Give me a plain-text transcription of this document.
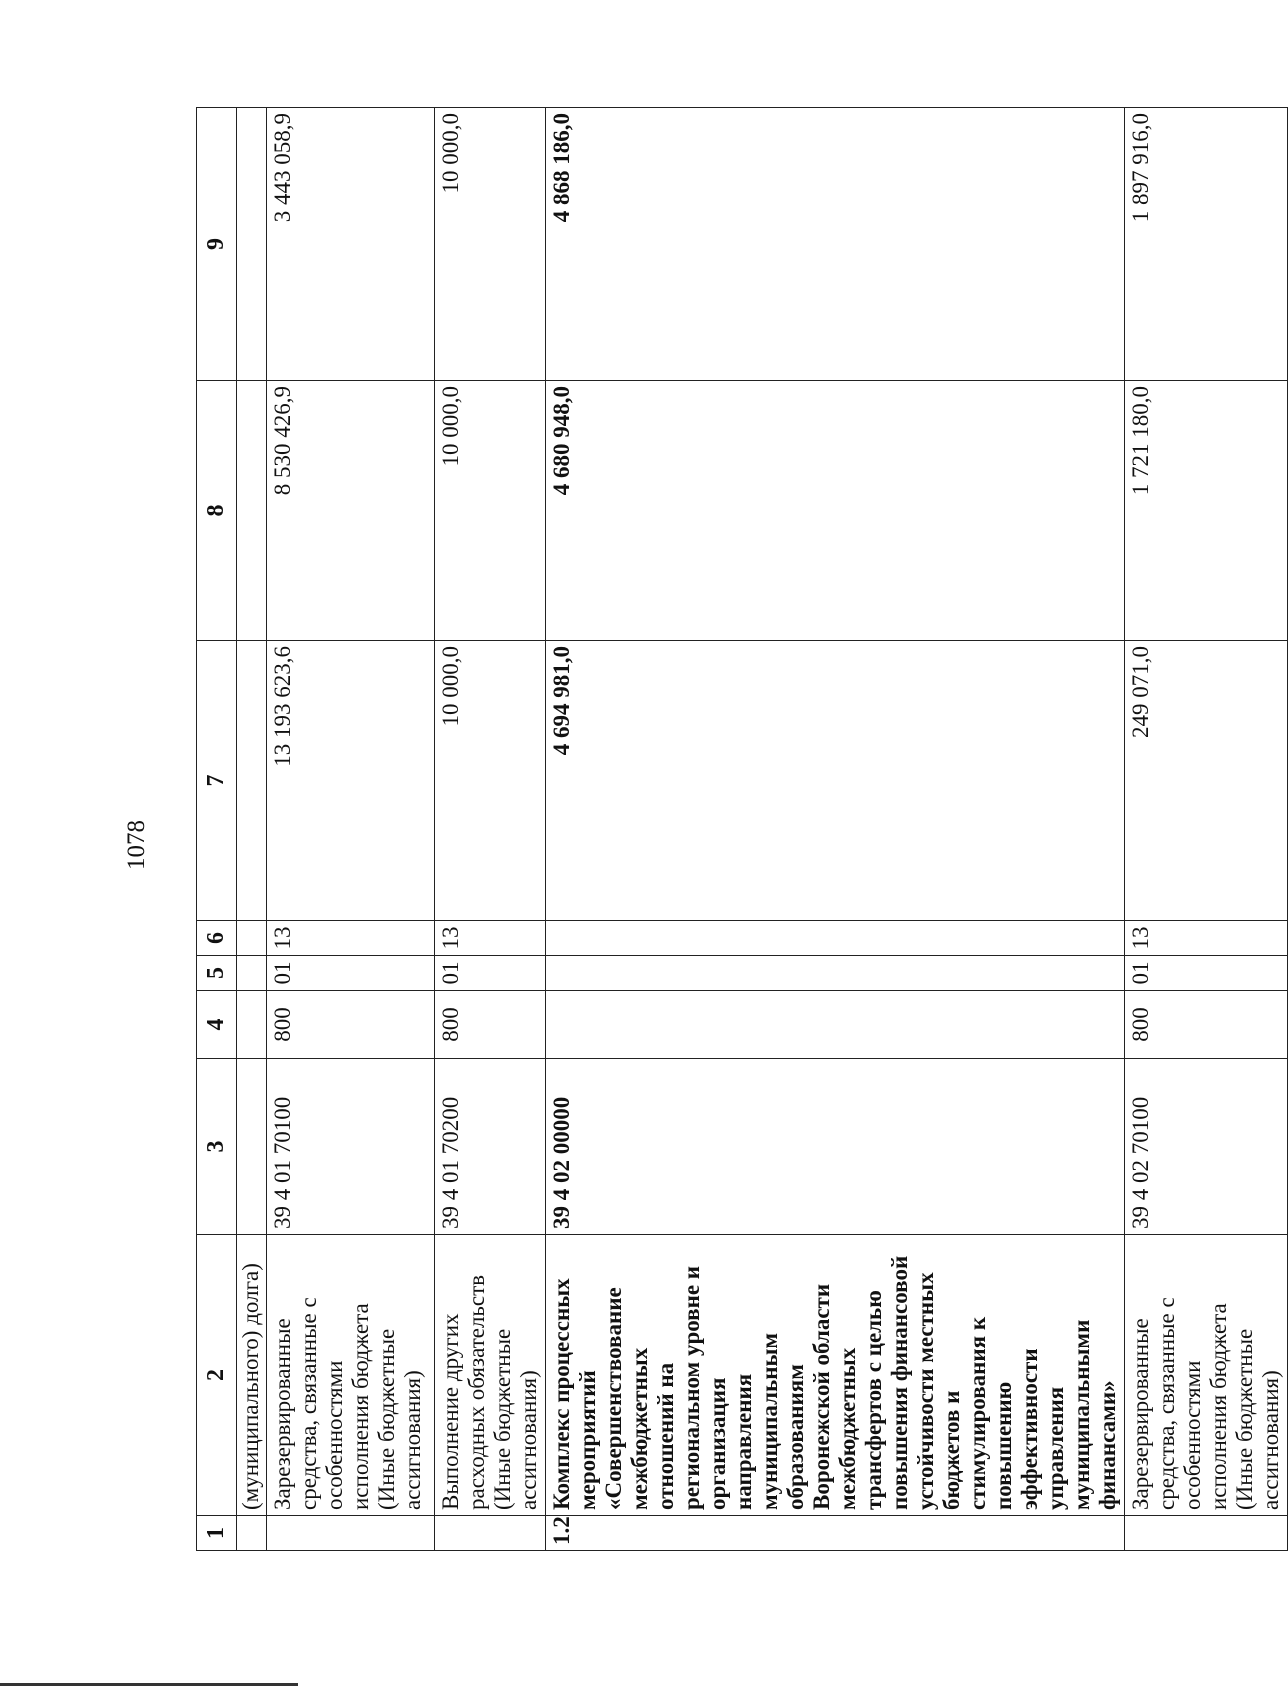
1078
1	2	3	4	5	6	7	8	9
	(муниципального) долга)							
	Зарезервированные средства, связанные с особенностями исполнения бюджета (Иные бюджетные ассигнования)	39 4 01 70100	800	01	13	13 193 623,6	8 530 426,9	3 443 058,9
	Выполнение других расходных обязательств (Иные бюджетные ассигнования)	39 4 01 70200	800	01	13	10 000,0	10 000,0	10 000,0
1.2	Комплекс процессных мероприятий «Совершенствование межбюджетных отношений на региональном уровне и организация направления муниципальным образованиям Воронежской области межбюджетных трансфертов с целью повышения финансовой устойчивости местных бюджетов и стимулирования к повышению эффективности управления муниципальными финансами»	39 4 02 00000				4 694 981,0	4 680 948,0	4 868 186,0
	Зарезервированные средства, связанные с особенностями исполнения бюджета (Иные бюджетные ассигнования)	39 4 02 70100	800	01	13	249 071,0	1 721 180,0	1 897 916,0
